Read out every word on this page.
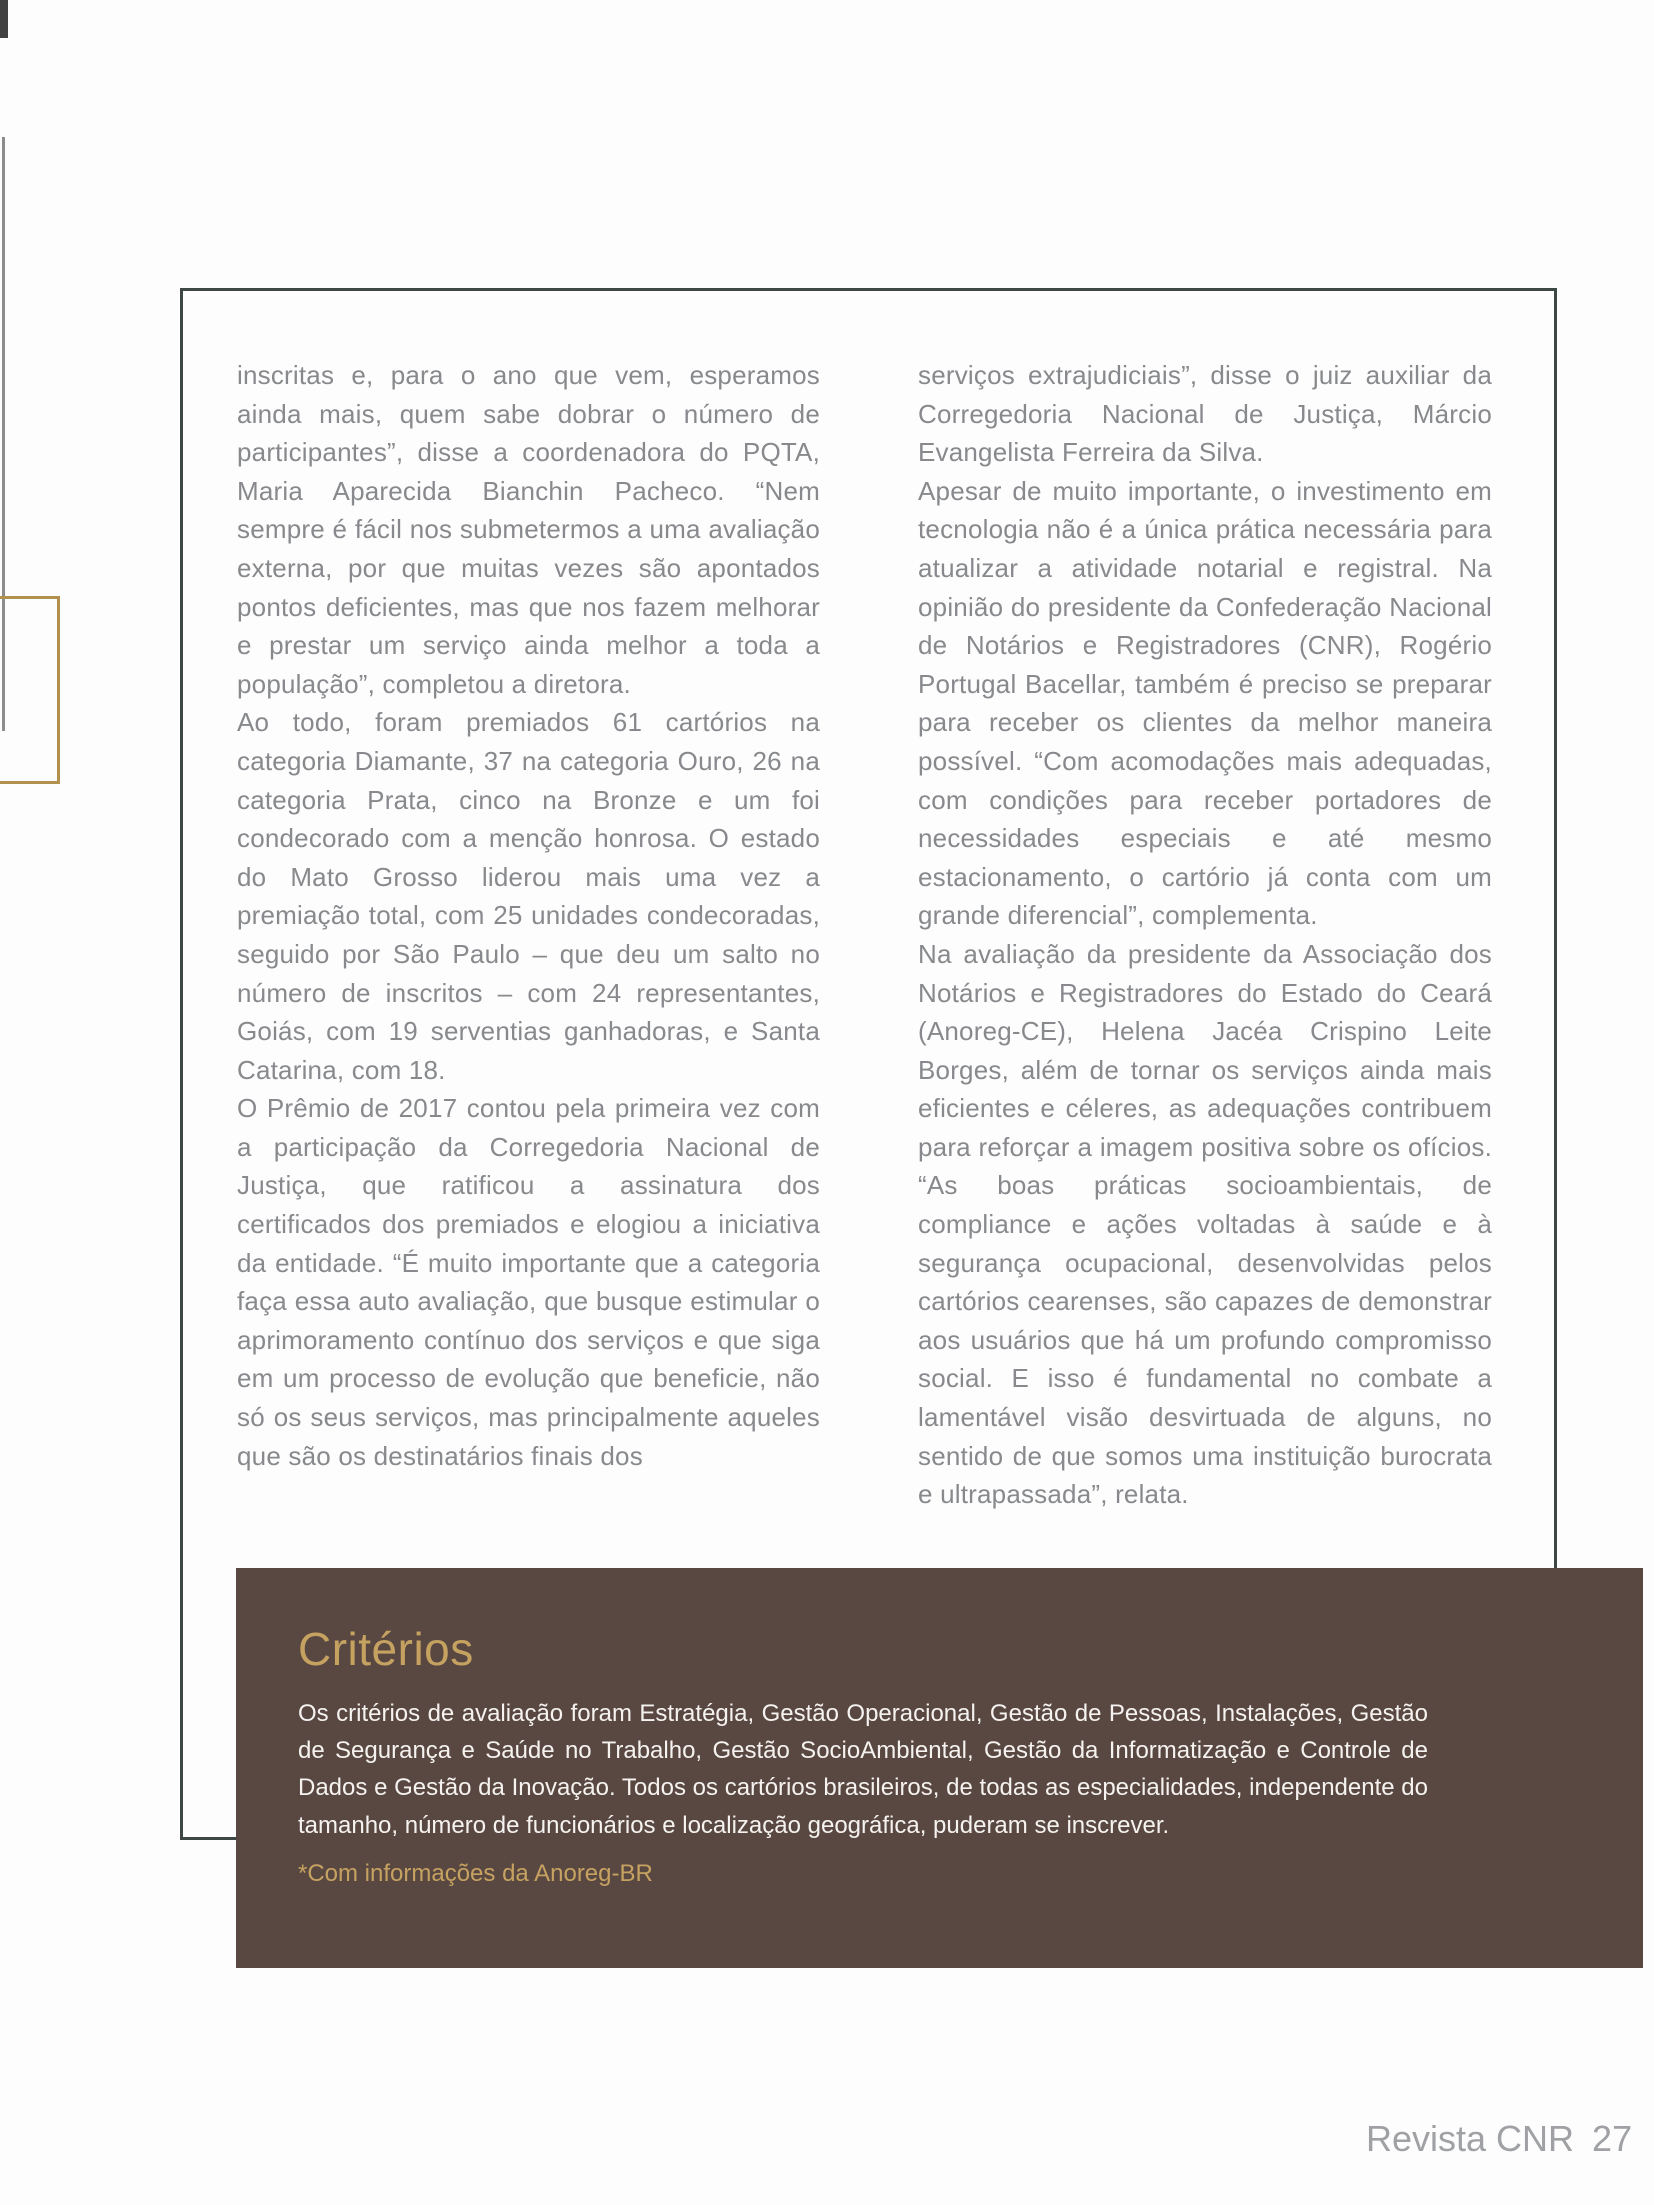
inscritas e, para o ano que vem, esperamos ainda mais, quem sabe dobrar o número de participantes”, disse a coordenadora do PQTA, Maria Aparecida Bianchin Pacheco. “Nem sempre é fácil nos submetermos a uma avaliação externa, por que muitas vezes são apontados pontos deficientes, mas que nos fazem melhorar e prestar um serviço ainda melhor a toda a população”, completou a diretora.

Ao todo, foram premiados 61 cartórios na categoria Diamante, 37 na categoria Ouro, 26 na categoria Prata, cinco na Bronze e um foi condecorado com a menção honrosa. O estado do Mato Grosso liderou mais uma vez a premiação total, com 25 unidades condecoradas, seguido por São Paulo – que deu um salto no número de inscritos – com 24 representantes, Goiás, com 19 serventias ganhadoras, e Santa Catarina, com 18.

O Prêmio de 2017 contou pela primeira vez com a participação da Corregedoria Nacional de Justiça, que ratificou a assinatura dos certificados dos premiados e elogiou a iniciativa da entidade. “É muito importante que a categoria faça essa auto avaliação, que busque estimular o aprimoramento contínuo dos serviços e que siga em um processo de evolução que beneficie, não só os seus serviços, mas principalmente aqueles que são os destinatários finais dos

serviços extrajudiciais”, disse o juiz auxiliar da Corregedoria Nacional de Justiça, Márcio Evangelista Ferreira da Silva.

Apesar de muito importante, o investimento em tecnologia não é a única prática necessária para atualizar a atividade notarial e registral. Na opinião do presidente da Confederação Nacional de Notários e Registradores (CNR), Rogério Portugal Bacellar, também é preciso se preparar para receber os clientes da melhor maneira possível. “Com acomodações mais adequadas, com condições para receber portadores de necessidades especiais e até mesmo estacionamento, o cartório já conta com um grande diferencial”, complementa.

Na avaliação da presidente da Associação dos Notários e Registradores do Estado do Ceará (Anoreg-CE), Helena Jacéa Crispino Leite Borges, além de tornar os serviços ainda mais eficientes e céleres, as adequações contribuem para reforçar a imagem positiva sobre os ofícios. “As boas práticas socioambientais, de compliance e ações voltadas à saúde e à segurança ocupacional, desenvolvidas pelos cartórios cearenses, são capazes de demonstrar aos usuários que há um profundo compromisso social. E isso é fundamental no combate a lamentável visão desvirtuada de alguns, no sentido de que somos uma instituição burocrata e ultrapassada”, relata.

Critérios

Os critérios de avaliação foram Estratégia, Gestão Operacional, Gestão de Pessoas, Instalações, Gestão de Segurança e Saúde no Trabalho, Gestão SocioAmbiental, Gestão da Informatização e Controle de Dados e Gestão da Inovação. Todos os cartórios brasileiros, de todas as especialidades, independente do tamanho, número de funcionários e localização geográfica, puderam se inscrever.

*Com informações da Anoreg-BR

Revista CNR 27
